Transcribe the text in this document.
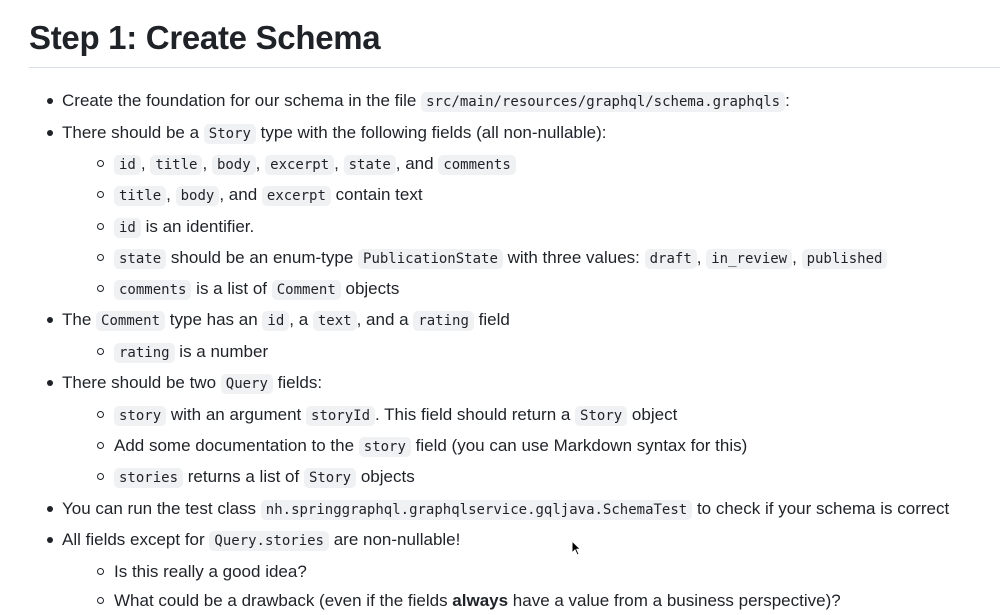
Step 1: Create Schema
Create the foundation for our schema in the file src/main/resources/graphql/schema.graphqls :
There should be a Story type with the following fields (all non-nullable):
id , title , body , excerpt , state , and comments
title , body , and excerpt contain text
id is an identifier.
state should be an enum-type PublicationState with three values: draft , in_review , published
comments is a list of Comment objects
The Comment type has an id , a text , and a rating field
rating is a number
There should be two Query fields:
story with an argument storyId . This field should return a Story object
Add some documentation to the story field (you can use Markdown syntax for this)
stories returns a list of Story objects
You can run the test class nh.springgraphql.graphqlservice.gqljava.SchemaTest to check if your schema is correct
All fields except for Query.stories are non-nullable!
Is this really a good idea?
What could be a drawback (even if the fields always have a value from a business perspective)?
